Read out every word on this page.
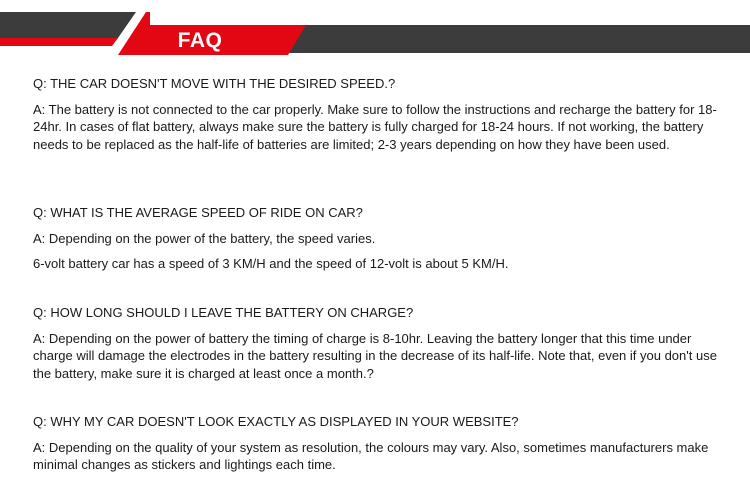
FAQ

Q: THE CAR DOESN'T MOVE WITH THE DESIRED SPEED.?

A: The battery is not connected to the car properly. Make sure to follow the instructions and recharge the battery for 18-24hr. In cases of flat battery, always make sure the battery is fully charged for 18-24 hours. If not working, the battery needs to be replaced as the half-life of batteries are limited; 2-3 years depending on how they have been used.

Q: WHAT IS THE AVERAGE SPEED OF RIDE ON CAR?

A: Depending on the power of the battery, the speed varies.

6-volt battery car has a speed of 3 KM/H and the speed of 12-volt is about 5 KM/H.

Q: HOW LONG SHOULD I LEAVE THE BATTERY ON CHARGE?

A: Depending on the power of battery the timing of charge is 8-10hr. Leaving the battery longer that this time under charge will damage the electrodes in the battery resulting in the decrease of its half-life. Note that, even if you don't use the battery, make sure it is charged at least once a month.?

Q: WHY MY CAR DOESN'T LOOK EXACTLY AS DISPLAYED IN YOUR WEBSITE?

A: Depending on the quality of your system as resolution, the colours may vary. Also, sometimes manufacturers make minimal changes as stickers and lightings each time.
